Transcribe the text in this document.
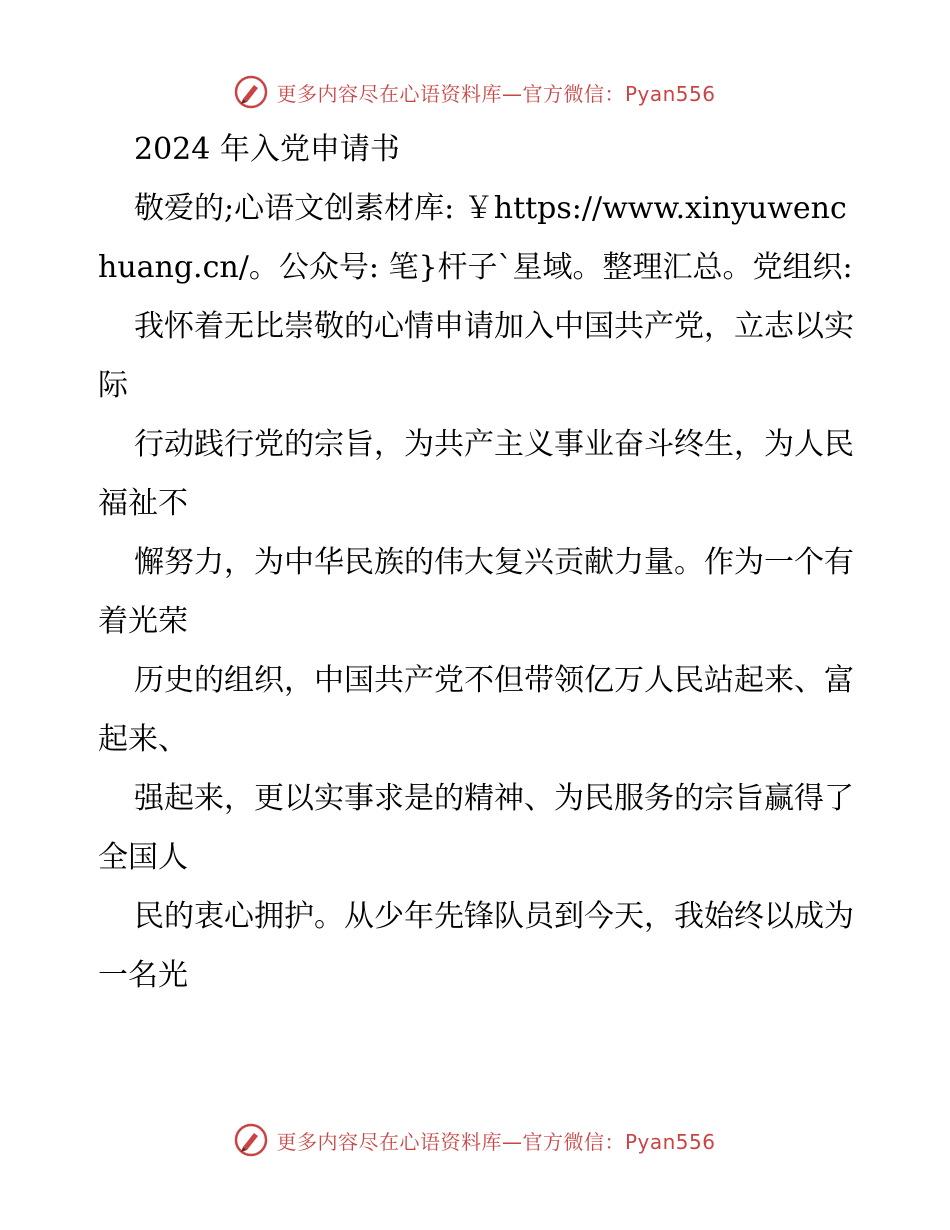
更多内容尽在心语资料库—官方微信：Pyan556

2024 年入党申请书

敬爱的;心语文创素材库: ￥https://www.xinyuwenchuang.cn/。公众号: 笔}杆子`星域。整理汇总。党组织:

我怀着无比崇敬的心情申请加入中国共产党，立志以实际

行动践行党的宗旨，为共产主义事业奋斗终生，为人民福祉不

懈努力，为中华民族的伟大复兴贡献力量。作为一个有着光荣

历史的组织，中国共产党不但带领亿万人民站起来、富起来、

强起来，更以实事求是的精神、为民服务的宗旨赢得了全国人

民的衷心拥护。从少年先锋队员到今天，我始终以成为一名光

更多内容尽在心语资料库—官方微信：Pyan556
